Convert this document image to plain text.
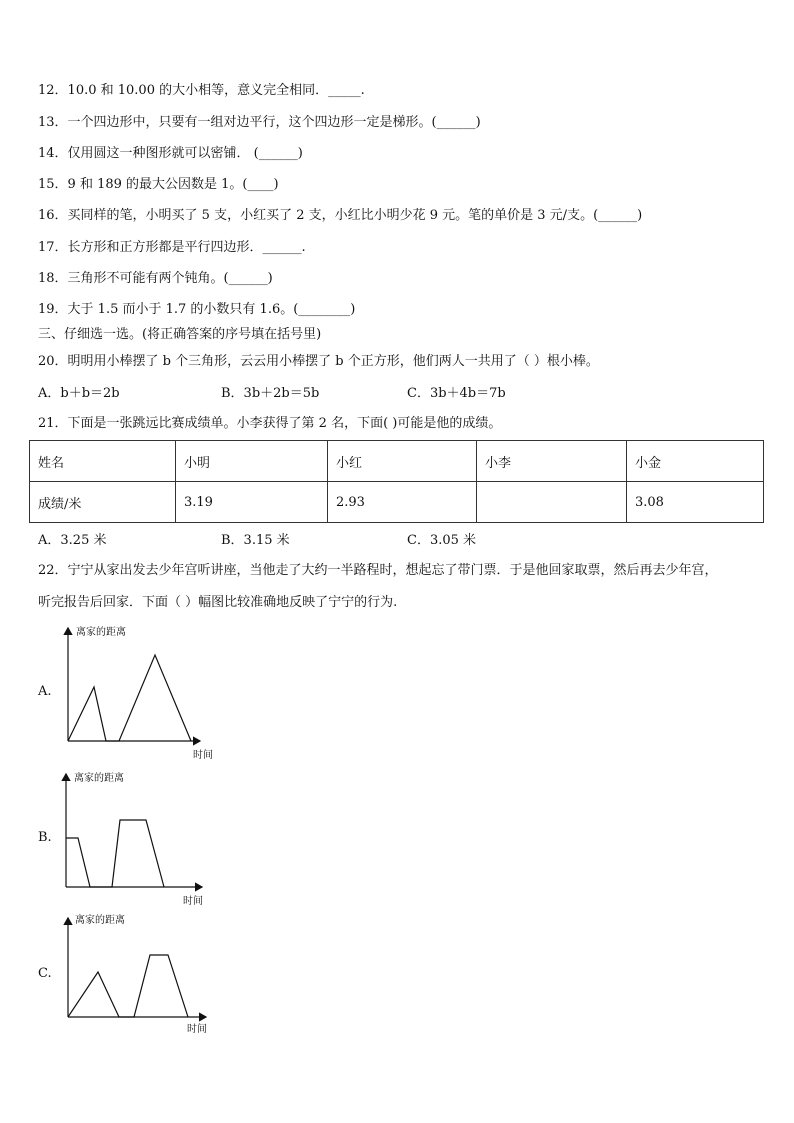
12．10.0 和 10.00 的大小相等，意义完全相同．_____.
13．一个四边形中，只要有一组对边平行，这个四边形一定是梯形。(______)
14．仅用圆这一种图形就可以密铺． (______)
15．9 和 189 的最大公因数是 1。(____)
16．买同样的笔，小明买了 5 支，小红买了 2 支，小红比小明少花 9 元。笔的单价是 3 元/支。(______)
17．长方形和正方形都是平行四边形．______.
18．三角形不可能有两个钝角。(______)
19．大于 1.5 而小于 1.7 的小数只有 1.6。(________)
三、仔细选一选。(将正确答案的序号填在括号里)
20．明明用小棒摆了 b 个三角形，云云用小棒摆了 b 个正方形，他们两人一共用了（ ）根小棒。
A．b＋b＝2b	B．3b＋2b＝5b	C．3b＋4b＝7b
21．下面是一张跳远比赛成绩单。小李获得了第 2 名，下面( )可能是他的成绩。
姓名	小明	小红	小李	小金
成绩/米	3.19	2.93		3.08
A．3.25 米	B．3.15 米	C．3.05 米
22．宁宁从家出发去少年宫听讲座，当他走了大约一半路程时，想起忘了带门票．于是他回家取票，然后再去少年宫，
听完报告后回家．下面（ ）幅图比较准确地反映了宁宁的行为.
A.
离家的距离
时间
B.
离家的距离
时间
C.
离家的距离
时间
